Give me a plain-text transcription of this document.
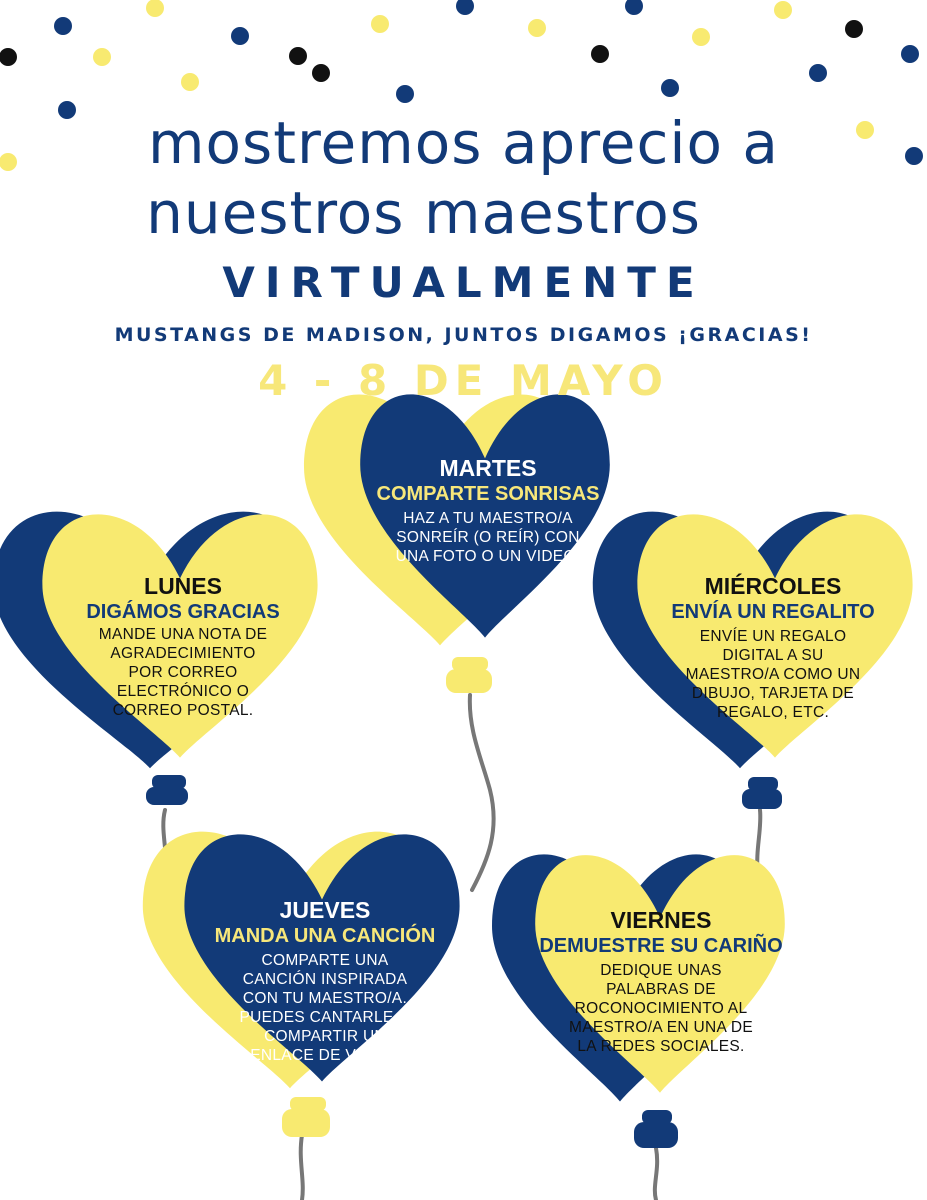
mostremos aprecio a
nuestros maestros
VIRTUALMENTE
MUSTANGS DE MADISON, JUNTOS DIGAMOS ¡GRACIAS!
4 - 8 DE MAYO
LUNES
DIGÁMOS GRACIAS
MANDE UNA NOTA DE AGRADECIMIENTO POR CORREO ELECTRÓNICO O CORREO POSTAL.
MARTES
COMPARTE SONRISAS
HAZ A TU MAESTRO/A SONREÍR (O REÍR) CON UNA FOTO O UN VIDEO.
MIÉRCOLES
ENVÍA UN REGALITO
ENVÍE UN REGALO DIGITAL A SU MAESTRO/A COMO UN DIBUJO, TARJETA DE REGALO, ETC.
JUEVES
MANDA UNA CANCIÓN
COMPARTE UNA CANCIÓN INSPIRADA CON TU MAESTRO/A. PUEDES CANTARLE O COMPARTIR UN ENLACE DE VIDEO.
VIERNES
DEMUESTRE SU CARIÑO
DEDIQUE UNAS PALABRAS DE ROCONOCIMIENTO AL MAESTRO/A EN UNA DE LA REDES SOCIALES.
